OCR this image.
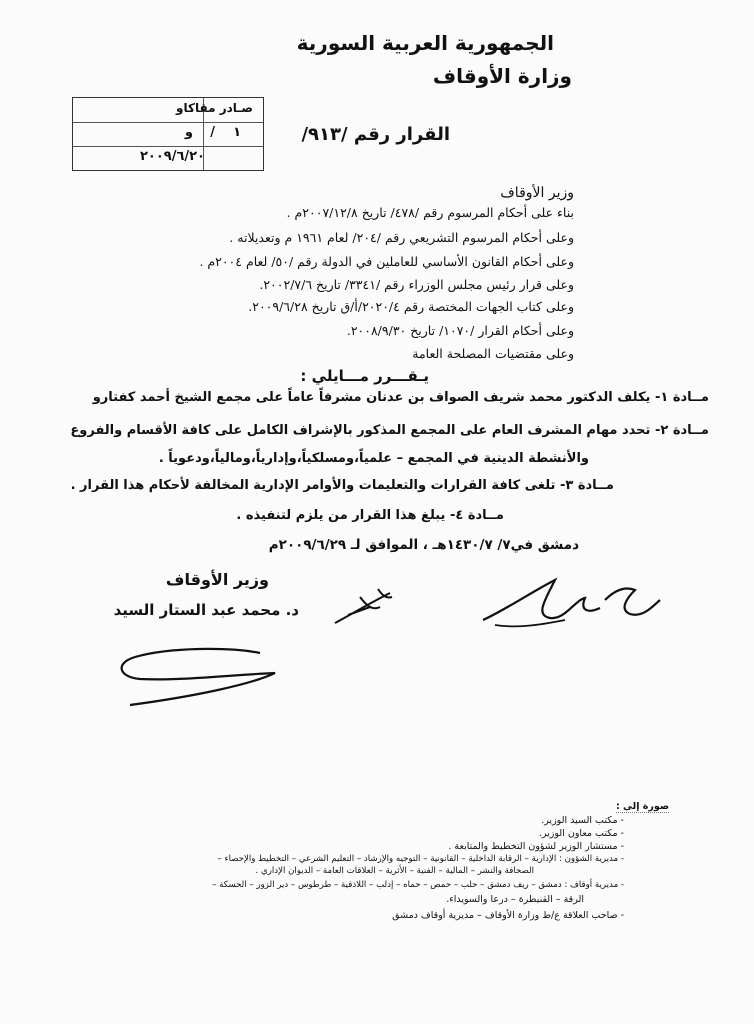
الجمهورية العربية السورية
وزارة الأوقاف
صـادر مقاكاو
١
/
و
٢٠٠٩/٦/٢٠
القرار رقم /٩١٣/
وزير الأوقاف
بناء على أحكام المرسوم رقم /٤٧٨/ تاريخ ٢٠٠٧/١٢/٨م .
وعلى أحكام المرسوم التشريعي رقم /٢٠٤/ لعام ١٩٦١ م وتعديلاته .
وعلى أحكام القانون الأساسي للعاملين في الدولة رقم /٥٠/ لعام ٢٠٠٤م .
وعلى قرار رئيس مجلس الوزراء رقم /٣٣٤١/ تاريخ ٢٠٠٢/٧/٦.
وعلى كتاب الجهات المختصة رقم ٢٠٢٠/٤/أ/ق تاريخ ٢٠٠٩/٦/٢٨.
وعلى أحكام القرار /١٠٧٠/ تاريخ ٢٠٠٨/٩/٣٠.
وعلى مقتضيات المصلحة العامة
يـقـــرر مـــايلي :
مــادة ١- يكلف الدكتور محمد شريف الصواف بن عدنان مشرفاً عاماً على مجمع الشيخ أحمد كفتارو
مــادة ٢- تحدد مهام المشرف العام على المجمع المذكور بالإشراف الكامل على كافة الأقسام والفروع
والأنشطة الدينية في المجمع – علمياً،ومسلكياً،وإدارياً،ومالياً،ودعوياً .
مــادة ٣- تلغى كافة القرارات والتعليمات والأوامر الإدارية المخالفة لأحكام هذا القرار .
مــادة ٤- يبلغ هذا القرار من يلزم لتنفيذه .
دمشق في٧/ ١٤٣٠/٧هـ ، الموافق لـ ٢٠٠٩/٦/٢٩م
وزير الأوقاف
د. محمد عبد الستار السيد
صورة إلى :
- مكتب السيد الوزير.
- مكتب معاون الوزير.
- مستشار الوزير لشؤون التخطيط والمتابعة .
- مديرية الشؤون : الإدارية – الرقابة الداخلية – القانونية – التوجيه والإرشاد – التعليم الشرعي – التخطيط والإحصاء –
الصحافة والنشر – المالية – الفنية – الأثرية – العلاقات العامة – الديوان الإداري .
- مديرية أوقاف : دمشق – ريف دمشق – حلب – حمص – حماه – إدلب – اللاذقية – طرطوس – دير الزور – الحسكة –
الرقة – القنيطرة – درعا والسويداء.
- صاحب العلاقة ع/ط وزارة الأوقاف – مديرية أوقاف دمشق
